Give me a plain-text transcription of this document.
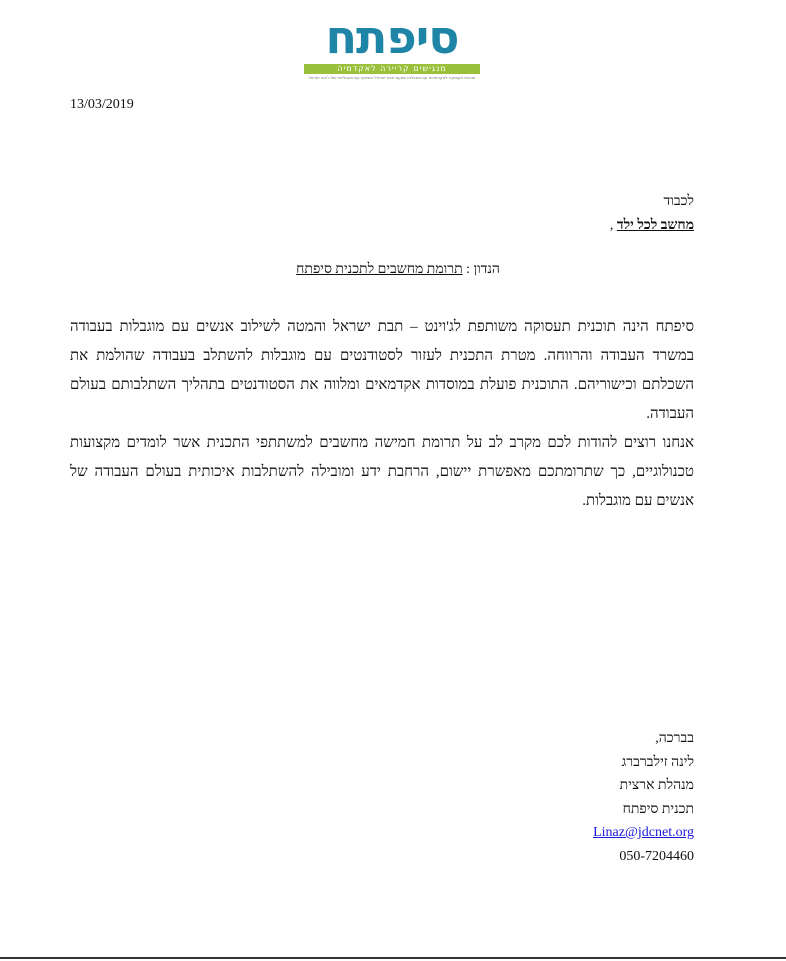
סיפתח
מנגישים קריירה לאקדמיה
תוכנית תעסוקה לאקדמאים עם מוגבלות מטעם תבת ישראל בשיתוף עם מוגבלויות של ג'וינט ישראל
13/03/2019
לכבוד
מחשב לכל ילד ,
הנדון : תרומת מחשבים לתכנית סיפתח

סיפתח הינה תוכנית תעסוקה משותפת לג'וינט – תבת ישראל והמטה לשילוב אנשים עם מוגבלות בעבודה במשרד העבודה והרווחה. מטרת התכנית לעזור לסטודנטים עם מוגבלות להשתלב בעבודה שהולמת את השכלתם וכישוריהם. התוכנית פועלת במוסדות אקדמאים ומלווה את הסטודנטים בתהליך השתלבותם בעולם העבודה.

אנחנו רוצים להודות לכם מקרב לב על תרומת חמישה מחשבים למשתתפי התכנית אשר לומדים מקצועות טכנולוגיים, כך שתרומתכם מאפשרת יישום, הרחבת ידע ומובילה להשתלבות איכותית בעולם העבודה של אנשים עם מוגבלות.

בברכה,
לינה זילברברג
מנהלת ארצית
תכנית סיפתח
Linaz@jdcnet.org
050-7204460
